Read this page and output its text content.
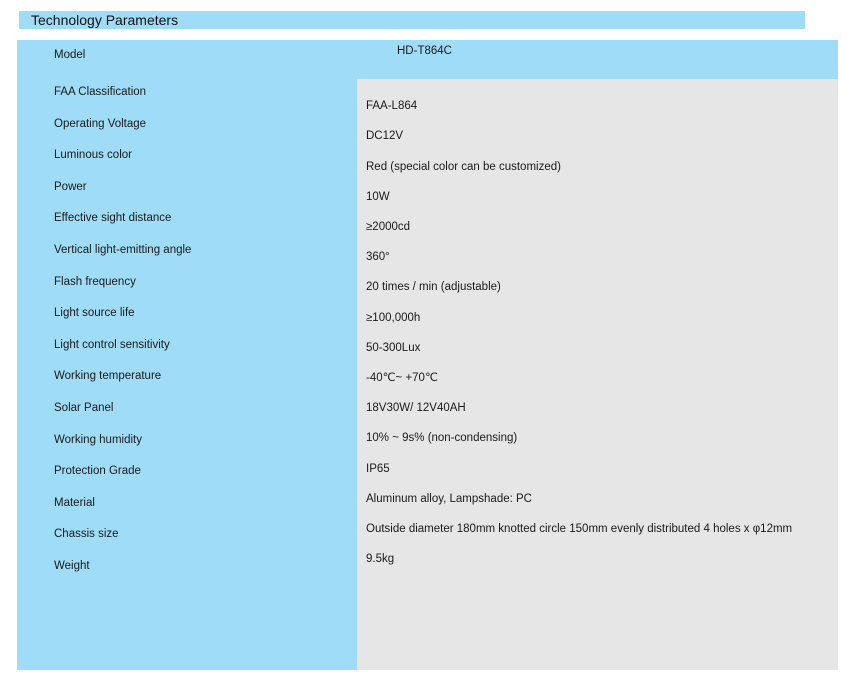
Technology Parameters
Model	HD-T864C
FAA Classification
Operating Voltage
Luminous color
Power
Effective sight distance
Vertical light-emitting angle
Flash frequency
Light source life
Light control sensitivity
Working temperature
Solar Panel
Working humidity
Protection Grade
Material
Chassis size
Weight
FAA-L864
DC12V
Red (special color can be customized)
10W
≥2000cd
360°
20 times / min (adjustable)
≥100,000h
50-300Lux
-40℃~ +70℃
18V30W/ 12V40AH
10% ~ 9s% (non-condensing)
IP65
Aluminum alloy, Lampshade: PC
Outside diameter 180mm knotted circle 150mm evenly distributed 4 holes x φ12mm
9.5kg
